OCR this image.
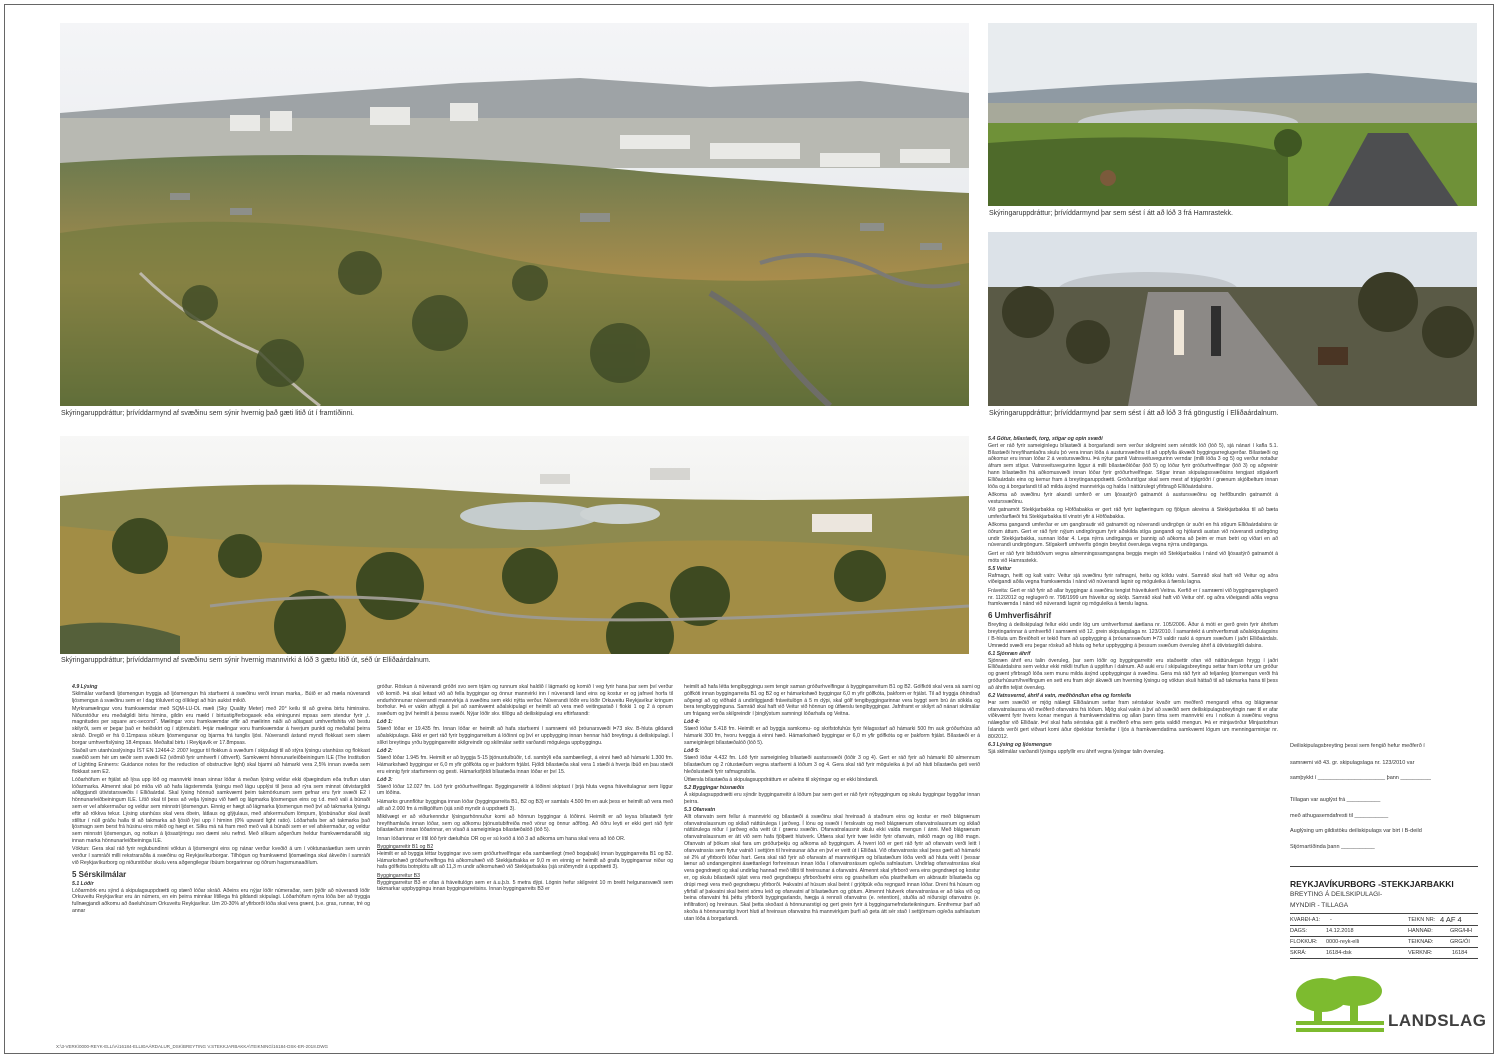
Skýringaruppdráttur; þrívíddarmynd af svæðinu sem sýnir hvernig það gæti litið út í framtíðinni.
Skýringaruppdráttur; þrívíddarmynd þar sem sést í átt að lóð 3 frá Hamrastekk.
Skýringaruppdráttur; þrívíddarmynd þar sem sést í átt að lóð 3 frá göngustíg í Elliðaárdalnum.
Skýringaruppdráttur; þrívíddarmynd af svæðinu sem sýnir hvernig mannvirki á lóð 3 gætu litið út, séð úr Elliðaárdalnum.
4.9 Lýsing

Skilmálar varðandi ljósmengun tryggja að ljósmengun frá starfsemi á svæðinu verði innan marka,. Búið er að mæla núverandi ljósmengun á svæðinu sem er í dag tölulvert og ólíklegt að hún aukist mikið.

Myrkramælingar voru framkvæmdar með SQM-LU-DL mæli (Sky Quality Meter) með 20° keilu til að greina birtu himinsins. Niðurstöður eru meðalgildi birtu himins, gildin eru mæld í birtustig/ferbogasek eða einingunni mpsas sem stendur fyrir „t. magnitudes per square arc-second“. Mælingar voru framkvæmdar eftir að mælirinn náði að aðlagast umhverfishita við bestu skilyrði, sem er þegar það er heiðskírt og í stjörnubirti. Þrjár mælingar voru framkvæmdar á hverjum punkti og meðaltal þeirra skráð. Dregið er frá 0.11mpasa sökum ljósmengunar og bjarma frá tunglis ljósi. Núverandi ástand myndi flokkast sem slæm borgar umhverfislýsing 18.4mpsas. Meðaltal birtu í Reykjavík er 17.8mpsas.

Staðall um utanhússlýsingu ÍST EN 12464-2: 2007 leggur til flokkun á svæðum í skipulagi til að stýra lýsingu utanhúss og flokkast svæðið sem hér um ræðir sem svæði E2 (viðmið fyrir umhverfi í úthverfi). Samkvæmt hönnunarleiðbeiningum ILE (The Institution of Lighting Eninerrs: Guidance notes for the reduction of obstructive light) skal bjarmi að hámarki vera 2,5% innan svæða sem flokkast sem E2.

Lóðarhöfum er frjálst að lýsa upp lóð og mannvirki innan sinnar lóðar á meðan lýsing veldur ekki óþægindum eða truflun utan lóðarmarka. Almennt skal þó miða við að hafa lágstemmda lýsingu með lágu upplýsi til þess að rýra sem minnst útivistargildi aðliggjandi útivistarsvæðis í Elliðaárdal. Skal lýsing hönnuð samkvæmt þeim takmörkunum sem gefnar eru fyrir svæði E2 í hönnunarleiðbeiningum ILE. Lítið skal til þess að velja lýsingu við hæfi og lágmarka ljósmengun eins og t.d. með vali á búnaði sem er vel afskermaður og veldur sem minnstri ljósmengun. Einnig er hægt að lágmarka ljósmengun með því að takmarka lýsingu eftir að rökkva tekur. Lýsing utanhúss skal vera óbein, látlaus og glýjulaus, með afskermuðum lömpum, ljósbúnaður skal ávalt stilltur í núll gráðu halla til að takmarka að ljósið lýsi upp í himinn (0% upward light ratio). Lóðarhafa ber að takmarka það ljósmagn sem berst frá húsinu eins mikið og hægt er. Silku má ná fram með með vali á búnaði sem er vel afskermaður, og veldur sem minnstri ljósmengun, og notkun á ljósastýringu svo dæmi séu nefnd. Með slíkum aðgerðum heldur framkvæmdaraðili sig innan marka hönnunarleiðbeininga ILE.

Vöktun: Gera skal ráð fyrir reglubundinni vöktun á ljósmengni eins og nánar verður kveðið á um í vöktunaráætlun sem unnin verður í samráði milli rekstraraðila á svæðinu og Reykjavíkurborgar. Tilhögun og framkvæmd ljósmælinga skal ákveðin í samráði við Reykjavíkurborg og niðurstöður skulu vera aðgengilegar íbúum borgarinnar og öðrum hagsmunaaðilum.

5 Sérskilmálar
5.1 Lóðir

Lóðarmörk eru sýnd á skipulagsuppdrætti og stærð lóðar skráð. Aðeins eru nýjar lóðir númeraðar, sem þýðir að núverandi lóðir Orkuveitu Reykjavíkur eru án númers, en ein þeirra minnkar lítillega frá gildandi skipulagi. Lóðarhöfum nýrra lóða ber að tryggja fullnægjandi aðkomu að ðaeluhúsum Orkuveitu Reykjavíkur. Um 20-30% af yfirborði lóða skal vera grænt, þ.e. gras, runnar, tré og annar

gróður. Röskun á núverandi gróðri svo sem trjám og runnum skal haldið í lágmarki og komið í veg fyrir hana þar sem því verður við komið. Þá skal leitast við að fella byggingar og önnur mannvirki inn í núverandi land eins og kostur er og jafnvel horfa til endurhönnunar núverandi mannvirkja á svæðinu sem ekki nýtta verður. Núverandi lóðir eru lóðir Orkuveitu Reykjavíkur kringum borholur. Þá er vakin athygli á því að samkvæmt aðalskipulagi er heimilt að vera með veitingastað í flokki 1 og 2 á opnum svæðum og því heimilt á þessu svæði. Nýjar lóðir skv. tillögu að deiliskipulagi eru eftirfarandi:

Lóð 1:

Stærð lóðar er 19.435 fm. Innan lóðar er heimilt að hafa starfsemi í samræmi við þróunarsvæði Þ73 skv. B-hluta gildandi aðalskipulags. Ekki er gert ráð fyrir byggingarreitum á lóðinni og því er uppbygging innan hennar háð breytingu á deiliskipulagi. Í slíkri breytingu yrðu byggingarreitir skilgreindir og skilmálar settir varðandi mögulega uppbyggingu.

Lóð 2:

Stærð lóðar 1.945 fm. Heimilt er að byggja 5-15 þjónustuíbúðir, t.d. sambýli eða sambærilegt, á einni hæð að hámarki 1.300 fm. Hámarkshæð byggingar er 6,0 m yfir gólfkóta og er þakform frjálst. Fjöldi bílastæða skal vera 1 stæði á hverja íbúð en þau stæði eru einnig fyrir starfsmenn og gesti. Hámarksfjöldi bílastæða innan lóðar er því 15.

Lóð 3:

Stærð lóðar 12.027 fm. Lóð fyrir gróðurhvelfingar. Byggingarreitir á lóðinni skiptast í þrjá hluta vegna fráveitulagnar sem liggur um lóðina.

Hámarks grunnflötur bygginga innan lóðar (byggingarreita B1, B2 og B3) er samtals 4.500 fm en auk þess er heimilt að vera með allt að 2.000 fm á milligólfum (sjá snið myndir á uppdrætti 3).

Mikilvægt er að viðurkenndur lýsingarhönnuður komi að hönnun byggingar á lóðinni. Heimilt er að leysa bílastæði fyrir hreyfihamlaða innan lóðar, sem og aðkomu þjónustubifreiða með vörur og önnur aðföng. Að öðru leyti er ekki gert ráð fyrir bílastæðum innan lóðarinnar, en vísað á sameiginlega bílastæðalóð (lóð 5).

Innan lóðarinnar er lítil lóð fyrir dælulhús OR og er sú kvöð á lóð 3 að aðkoma um hana skal vera að lóð OR.

Byggingarreitir B1 og B2

Heimilt er að byggja léttar byggingar svo sem gróðurhvelfingar eða sambærilegt (með bogaþaki) innan byggingarreita B1 og B2. Hámarkshæð gróðurhvelfinga frá aðkomuhæð við Stekkjarbakka er 9,0 m en einnig er heimilt að grafa byggingarnar niður og hafa gólfkóta botnplötu allt að 11,3 m undir aðkomuhæð við Stekkjarbakka (sjá sniðmyndir á uppdrætti 3).

Byggingarreitur B3

Byggingarreitur B3 er ofan á fráveitulögn sem er á.u.þ.b. 5 metra dýpi. Lögnin hefur skilgreint 10 m breitt helgunarsvæði sem takmarkar uppbyggingu innan byggingarreitsins. Innan byggingarreits B3 er

heimilt að hafa létta tengibyggingu sem tengir saman gróðurhvelfingar á byggingarreitum B1 og B2. Gólfkóti skal vera sá sami og gólfkóti innan byggingarreita B1 og B2 og er hámarkshæð byggingar 6,0 m yfir gólfkóta, þakform er frjálst. Til að tryggja óhindrað aðgengi að og viðhald á undirliggjandi fráveitulögn á 5 m dýpi, skal gólf tengibyggingarinnar vera byggt sem brú án sökkla og bera tengibygginguna. Samráð skal haft við Veitur við hönnun og útfærslu tengibyggingar. Jafnframt er skilyrt að nánari skilmálar um frágang verða skilgreindir í þinglýstum samningi lóðarhafa og Veitna.

Lóð 4:

Stærð lóðar 5.418 fm. Heimilt er að byggja samkomu- og skrifstofuhús fyrir félagsstarf að hámarki 500 fm auk gróðurhúss að hámarki 300 fm, hvoru tveggja á einni hæð. Hámarkshæð byggingar er 6,0 m yfir gólfkóta og er þakform frjálst. Bílastæði er á sameiginlegri bílastæðalóð (lóð 5).

Lóð 5:

Stærð lóðar 4.432 fm. Lóð fyrir sameiginleg bílastæði austursvæði (lóðir 3 og 4). Gert er ráð fyrir að hámarki 80 almennum bílastæðum og 2 rútustæðum vegna starfsemi á lóðum 3 og 4. Gera skal ráð fyrir möguleika á því að hluti bílastæða geti verið hleðslustæði fyrir rafmagnsbíla.

Útfærsla bílastæða á skipulagsuppdráttum er aðeins til skýringar og er ekki bindandi.

5.2 Byggingar húsnæðis

Á skipulagsuppdrætti eru sýndir byggingarreitir á lóðum þar sem gert er ráð fyrir nýbyggingum og skulu byggingar byggðar innan þeirra.

5.3 Ofanvatn

Allt ofanvatn sem fellur á mannvirki og bílastæði á svæðinu skal hreinsað á staðnum eins og kostur er með blágrænum ofanvatnslausnum og skilað náttúrulega í jarðveg. Í lónu og svæði í ferskvatn og með blágrænum ofanvatnslausnum og skilað náttúrulega niður í jarðveg eða veitt út í grænu svæðin. Ofanvatnslausnir skulu ekki valda mengun í ánni. Með blágrænum ofanvatnslausnum er átt við sem hafa fjölþætt hlutverk. Útfæra skal fyrir tvær leiðir fyrir ofanvatn, mikið magn og lítið magn. Ofanvatn af þökum skal fara um gróðurþekju og aðkoma að byggingum. Á hverri lóð er gert ráð fyrir að ofanvatn verði leitt í ofanvatnsrás sem flytur vatnið í settjörn til hreinsunar áður en því er veitt út í Elliðaá. Við ofanvatnsrás skal þess gætt að hámarki sé 2% af yfirborði lóðar hart. Gera skal ráð fyrir að ofanvatn af mannvirkjum og bílastæðum lóða verði að hluta veitt í þessar lænur að undangenginni ásættanlegri forhreinsun innan lóða í ofanvatnsrásum og/eða safnlautum. Undirlag ofanvatnsrása skal vera gegndræpt og skal undirlag hannað með tilliti til hreinsunar á ofanvatni. Almennt skal yfirborð vera eins gegndræpt og kostur er, og skulu bílastæði sjást vera með gegndræpu yfirborðsefni eins og grashellum eða plasthellum en akbrautir bílastæða og drúpi megi vera með gegndræpu yfirborði. Þakvatni af húsum skal beint í grjótpúk eða regngarð innan lóðar. Dreni frá húsum og yfirfall af þakvatni skal beint sömu leið og ofanvatni af bílastæðum og götum. Almennt hlutverk ofanvatnsrása er að taka við og beina ofanvatni frá þéttu yfirborði byggingarlands, hægja á rennsli ofanvatns (e. retention), stuðla að niðursigi ofanvatns (e. infiltration) og hreinsun. Skal þetta skoðast á hönnunarstigi og gert grein fyrir á byggingarnefndarteikningum. Ennfremur þarf að skoða á hönnunarstigi hvort hluti af hreinsun ofanvatns frá mannvirkjum þurfi að geta átt sér stað í settjörnum og/eða safnlautum utan lóða á borgarlandi.

5.4 Götur, bílastæði, torg, stígar og opin svæði

Gert er ráð fyrir sameiginlegu bílastæði á borgarlandi sem verður skilgreint sem sérstök lóð (lóð 5), sjá nánari í kafla 5.1. Bílastæði hreyfihamlaðra skulu þó vera innan lóða á austursvæðinu til að uppfylla ákvæði byggingarreglugerðar. Bílastæði og aðkomur eru innan lóðar 2 á vestursvæðinu. Þá nýtur gamli Vatnsveituvegurinn verndar (milli lóða 3 og 5) og verður notaður áfram sem stígur. Vatnsveituvegurinn liggur á milli bílastæðlóðar (lóð 5) og lóðar fyrir gróðurhvelfingar (lóð 3) og aðgreinir hann bílastæðin frá aðkomusvæði innan lóðar fyrir gróðurhvelfingar. Stígar innan skipulagssvæðisins tengjast stígakerfi Elliðaárdals eins og kemur fram á breytingaruppdrætti. Gróðurstígar skal sem mest af trjágróðri / grænum skjólbeltum innan lóða og á borgarlandi til að milda ásýnd mannvirkja og halda í náttúrulegt yfirbragð Elliðaárdalsins.

Aðkoma að svæðinu fyrir akandi umferð er um ljósastýrð gatnamót á austursvæðinu og hefðbundin gatnamót á vestursvæðinu.

Við gatnamót Stekkjarbakka og Höfðabakka er gert ráð fyrir lagfæringum og fjölgun akreina á Stekkjarbakka til að bæta umferðarflæði frá Stekkjarbakka til vinstri yfir á Höfðabakka.

Aðkoma gangandi umferðar er um gangbrautir við gatnamót og núverandi undirgögn úr suðri en frá stígum Elliðaárdalsins úr öðrum áttum. Gert er ráð fyrir nýjum undirgöngum fyrir aðskilda stíga gangandi og hjólandi austan við núverandi undirgöng undir Stekkjarbakka, sunnan lóðar 4. Lega nýrra undirganga er þannig að aðkoma að þeim er mun betri og víðari en að núverandi undirgöngum. Stígakerfi umhverfis göngin breytist óverulega vegna nýrra undirganga.

Gert er ráð fyrir biðstöðvum vegna almenningssamgangna beggja megin við Stekkjarbakka í nánd við ljósastýrð gatnamót á móts við Hamrastekk.

5.5 Veitur

Rafmagn, heitt og kalt vatn: Veitur sjá svæðinu fyrir rafmagni, heitu og köldu vatni. Samráð skal haft við Veitur og aðra viðeigandi aðila vegna framkvæmda í nánd við núverandi lagnir og möguleika á færslu lagna.

Fráveita: Gert er ráð fyrir að allar byggingar á svæðinu tengist fráveitukerfi Veitna. Kerfið er í samræmi við byggingarreglugerð nr. 112/2012 og reglugerð nr. 798/1999 um fráveitur og skólp. Samráð skal haft við Veitur ohf. og aðra viðeigandi aðila vegna framkvæmda í nánd við núverandi lagnir og möguleika á færslu lagna.

6 Umhverfisáhrif

Breyting á deiliskipulagi fellur ekki undir lög um umhverfismat áætlana nr. 105/2006. Áður á móti er gerð grein fyrir áhrifum breytingarinnar á umhverfið í samræmi við 12. grein skipulagslaga nr. 123/2010. Í samantekt á umhverfismati aðalskipulagsins í B-hluta um Breiðholt er tekið fram að uppbygging á þróunarsvæðum Þ73 valdir raski á opnum svæðum í jaðri Elliðaárdals. Umrædd svæði eru þegar röskuð að hluta og hefur uppbygging á þessum svæðum óveruleg áhrif á útivistargildi dalsins.

6.1 Sjónræn áhrif

Sjónræn áhrif eru talin óveruleg, þar sem lóðir og byggingarreitir eru staðsettir ofan við náttúrulegan hrygg í jaðri Elliðaárdalsins sem veldur ekki miklli truflun á upplifun í dalnum. Að auki eru í skipulagsbreytingu settar fram kröfur um gróður og grænt yfirbragð lóða sem munu milda ásýnd uppbyggingar á svæðinu. Gera má ráð fyrir að teljanleg ljósmengun verði frá gróðurhúsum/hvelfingum en sett eru fram skýr ákvæði um hverning lýsingu og vöktun skuli háttað til að takmarka hana til þess að áhrifin teljist óveruleg.

6.2 Vatnsvernd, áhrif á vatn, meðhöndlun efna og fornleifa

Þar sem svæðið er mjög nálægt Elliðaánum settar fram sérstakar kvaðir um meðferð mengandi efna og blágrænar ofanvatnslausna við meðferð ofanvatns frá lóðum. Mjög skal vakin á því að svæðið sem deiliskipulagsbreytingin nær til er afar viðkvæmt fyrir hvers konar mengun á framkvæmdatíma og allan þann tíma sem mannvirki eru í notkun á svæðinu vegna nálægðar við Elliðaár. Því skal hafa sérstaka gát á meðferð efna sem geta valdið mengun. Þá er minjavörður Minjastofnun Íslands verði gert viðvart komi áður óþekktar fornleifar í ljós á framkvæmdatíma samkvæmt lögum um menningarminjar nr. 80/2012.

6.3 Lýsing og ljósmengun

Sjá skilmálar varðandi lýsingu uppfyllir eru áhrif vegna lýsingar talin óveruleg.

Deiliskipulagsbreyting þessi sem fengið hefur meðferð í
samræmi við 43. gr. skipulagslaga nr. 123/2010 var
samþykkt í ______________________ þann __________
Tillagan var auglýst frá ___________
með athugasemdafresti til ___________
Auglýsing um gildistöku deiliskipulags var birt í B-deild
Stjórnartíðinda þann ___________
REYKJAVÍKURBORG -STEKKJARBAKKI
BREYTING Á DEILSKIPULAGI-
MYNDIR - TILLAGA
KVARÐI-A1: -	TEIKN NR: 4 AF 4
DAGS:	14.12.2018	HANNAÐ:	GRG/HH
FLOKKUR: 0000-reyk-elli	TEIKNAÐ:	GRG/ÓI
SKRÁ:	16184-dsk	VERKNR:	16184
LANDSLAG
X:\3-VERK\0000-REYK-ELLI\A\16184-ELLIÐAÁRDALUR_DSK\BREYTING V.STEKKJARBAKKA\TEIKNING\16184-DSK-ER-2018.DWG
